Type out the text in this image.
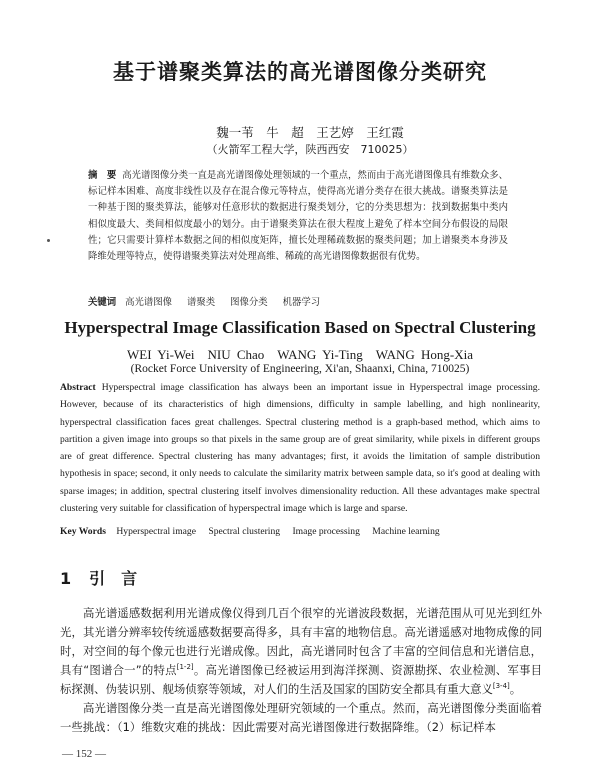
基于谱聚类算法的高光谱图像分类研究
魏一苇　牛　超　王艺婷　王红霞
（火箭军工程大学，陕西西安　710025）
摘　要 高光谱图像分类一直是高光谱图像处理领域的一个重点，然而由于高光谱图像具有维数众多、标记样本困难、高度非线性以及存在混合像元等特点，使得高光谱分类存在很大挑战。谱聚类算法是一种基于图的聚类算法，能够对任意形状的数据进行聚类划分，它的分类思想为：找到数据集中类内相似度最大、类间相似度最小的划分。由于谱聚类算法在很大程度上避免了样本空间分布假设的局限性；它只需要计算样本数据之间的相似度矩阵，擅长处理稀疏数据的聚类问题；加上谱聚类本身涉及降维处理等特点，使得谱聚类算法对处理高维、稀疏的高光谱图像数据很有优势。
关键词 高光谱图像 谱聚类 图像分类 机器学习
Hyperspectral Image Classification Based on Spectral Clustering
WEI Yi-Wei　NIU Chao　WANG Yi-Ting　WANG Hong-Xia
(Rocket Force University of Engineering, Xi'an, Shaanxi, China, 710025)
Abstract Hyperspectral image classification has always been an important issue in Hyperspectral image processing. However, because of its characteristics of high dimensions, difficulty in sample labelling, and high nonlinearity, hyperspectral classification faces great challenges. Spectral clustering method is a graph-based method, which aims to partition a given image into groups so that pixels in the same group are of great similarity, while pixels in different groups are of great difference. Spectral clustering has many advantages; first, it avoids the limitation of sample distribution hypothesis in space; second, it only needs to calculate the similarity matrix between sample data, so it's good at dealing with sparse images; in addition, spectral clustering itself involves dimensionality reduction. All these advantages make spectral clustering very suitable for classification of hyperspectral image which is large and sparse.
Key Words Hyperspectral image Spectral clustering Image processing Machine learning
1 引　言

高光谱遥感数据利用光谱成像仪得到几百个很窄的光谱波段数据，光谱范围从可见光到红外光，其光谱分辨率较传统遥感数据要高得多，具有丰富的地物信息。高光谱遥感对地物成像的同时，对空间的每个像元也进行光谱成像。因此，高光谱同时包含了丰富的空间信息和光谱信息，具有“图谱合一”的特点[1-2]。高光谱图像已经被运用到海洋探测、资源勘探、农业检测、军事目标探测、伪装识别、舰场侦察等领域，对人们的生活及国家的国防安全都具有重大意义[3-4]。

高光谱图像分类一直是高光谱图像处理研究领域的一个重点。然而，高光谱图像分类面临着一些挑战：（1）维数灾难的挑战：因此需要对高光谱图像进行数据降维。（2）标记样本

— 152 —
